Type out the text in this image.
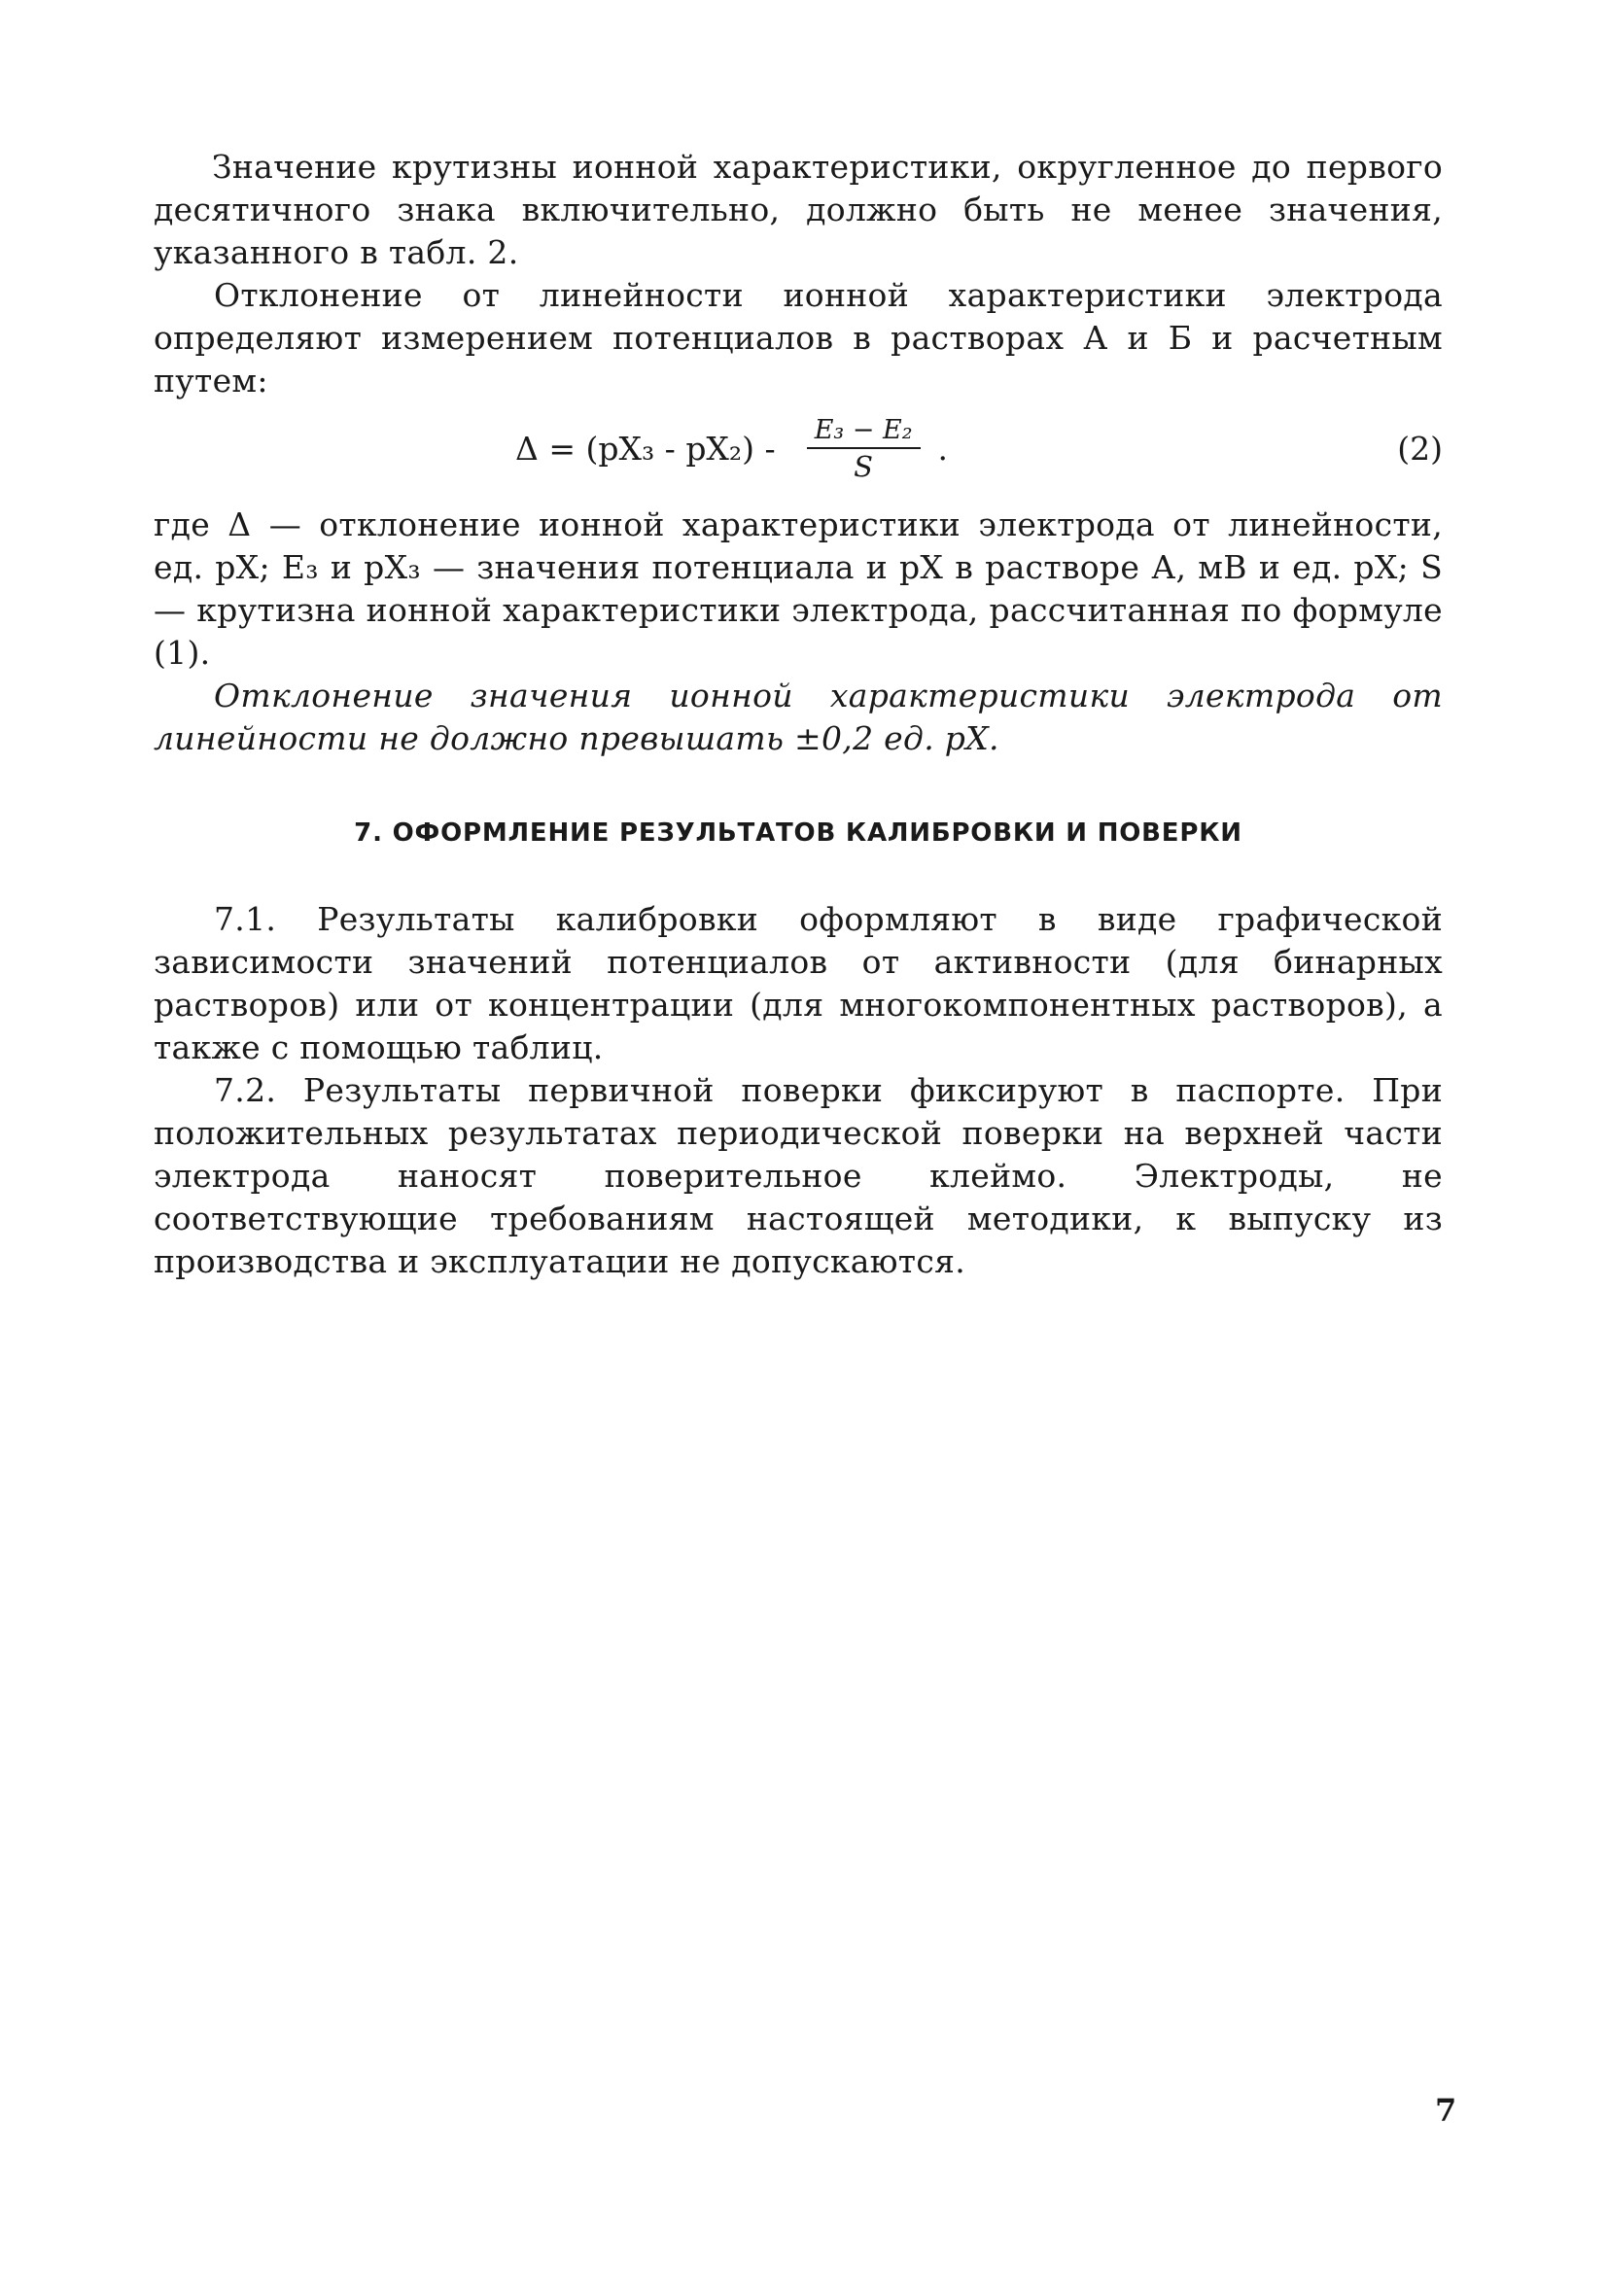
Значение крутизны ионной характеристики, округленное до первого десятичного знака включительно, должно быть не менее значения, указанного в табл. 2.

Отклонение от линейности ионной характеристики электрода определяют измерением потенциалов в растворах А и Б и расчетным путем:

$\Delta = (pX_3 - pX_2) - \frac{\text{E₃ − E₂}}{S}$ .	(2)

где Δ — отклонение ионной характеристики электрода от линейности, ед. pX; E₃ и pX₃ — значения потенциала и pX в растворе А, мВ и ед. pX; S — крутизна ионной характеристики электрода, рассчитанная по формуле (1).

Отклонение значения ионной характеристики электрода от линейности не должно превышать ±0,2 ед. pX.

7. ОФОРМЛЕНИЕ РЕЗУЛЬТАТОВ КАЛИБРОВКИ И ПОВЕРКИ

7.1. Результаты калибровки оформляют в виде графической зависимости значений потенциалов от активности (для бинарных растворов) или от концентрации (для многокомпонентных растворов), а также с помощью таблиц.

7.2. Результаты первичной поверки фиксируют в паспорте. При положительных результатах периодической поверки на верхней части электрода наносят поверительное клеймо. Электроды, не соответствующие требованиям настоящей методики, к выпуску из производства и эксплуатации не допускаются.

7
